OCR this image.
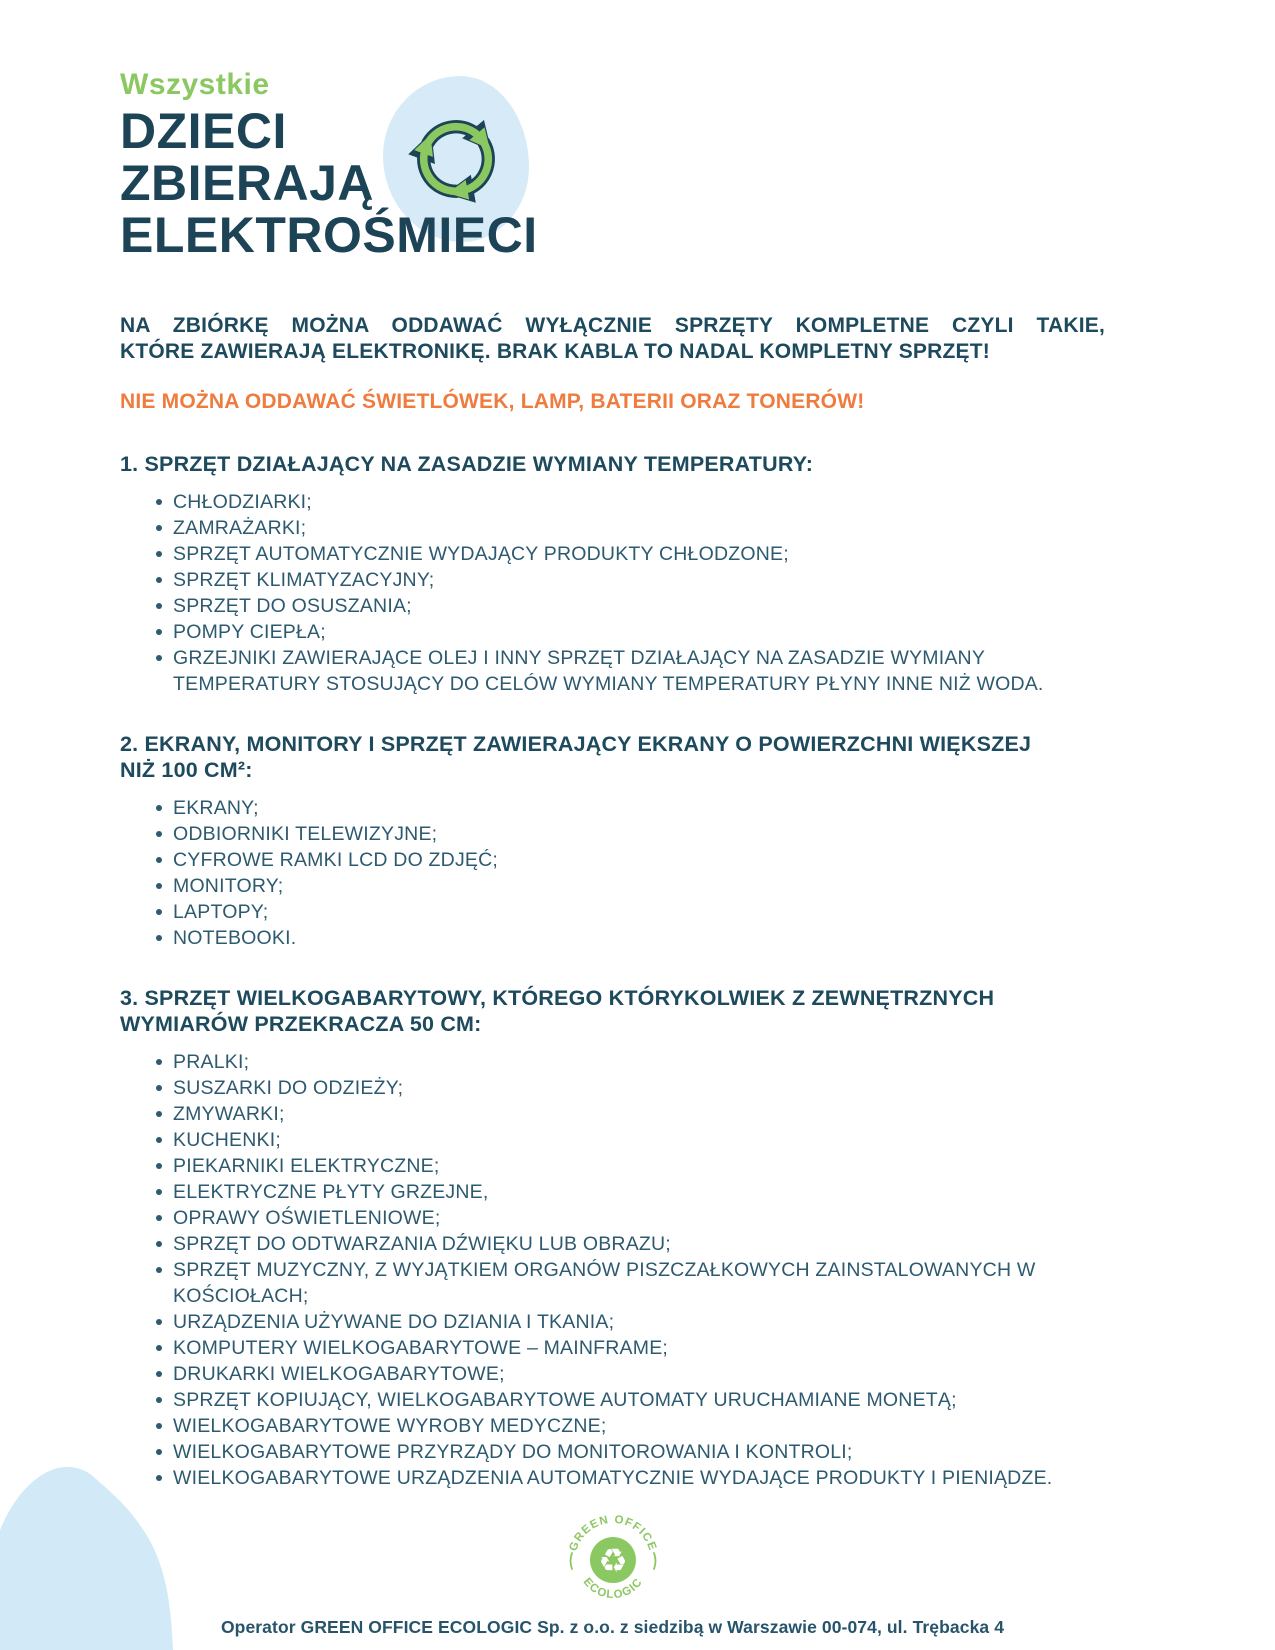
Wszystkie
DZIECI
ZBIERAJĄ
ELEKTROŚMIECI
NA ZBIÓRKĘ MOŻNA ODDAWAĆ WYŁĄCZNIE SPRZĘTY KOMPLETNE CZYLI TAKIE,
KTÓRE ZAWIERAJĄ ELEKTRONIKĘ. BRAK KABLA TO NADAL KOMPLETNY SPRZĘT!
NIE MOŻNA ODDAWAĆ ŚWIETLÓWEK, LAMP, BATERII ORAZ TONERÓW!
1. SPRZĘT DZIAŁAJĄCY NA ZASADZIE WYMIANY TEMPERATURY:
CHŁODZIARKI;
ZAMRAŻARKI;
SPRZĘT AUTOMATYCZNIE WYDAJĄCY PRODUKTY CHŁODZONE;
SPRZĘT KLIMATYZACYJNY;
SPRZĘT DO OSUSZANIA;
POMPY CIEPŁA;
GRZEJNIKI ZAWIERAJĄCE OLEJ I INNY SPRZĘT DZIAŁAJĄCY NA ZASADZIE WYMIANY TEMPERATURY STOSUJĄCY DO CELÓW WYMIANY TEMPERATURY PŁYNY INNE NIŻ WODA.
2. EKRANY, MONITORY I SPRZĘT ZAWIERAJĄCY EKRANY O POWIERZCHNI WIĘKSZEJ
NIŻ 100 CM²:
EKRANY;
ODBIORNIKI TELEWIZYJNE;
CYFROWE RAMKI LCD DO ZDJĘĆ;
MONITORY;
LAPTOPY;
NOTEBOOKI.
3. SPRZĘT WIELKOGABARYTOWY, KTÓREGO KTÓRYKOLWIEK Z ZEWNĘTRZNYCH
WYMIARÓW PRZEKRACZA 50 CM:
PRALKI;
SUSZARKI DO ODZIEŻY;
ZMYWARKI;
KUCHENKI;
PIEKARNIKI ELEKTRYCZNE;
ELEKTRYCZNE PŁYTY GRZEJNE,
OPRAWY OŚWIETLENIOWE;
SPRZĘT DO ODTWARZANIA DŹWIĘKU LUB OBRAZU;
SPRZĘT MUZYCZNY, Z WYJĄTKIEM ORGANÓW PISZCZAŁKOWYCH ZAINSTALOWANYCH W KOŚCIOŁACH;
URZĄDZENIA UŻYWANE DO DZIANIA I TKANIA;
KOMPUTERY WIELKOGABARYTOWE – MAINFRAME;
DRUKARKI WIELKOGABARYTOWE;
SPRZĘT KOPIUJĄCY, WIELKOGABARYTOWE AUTOMATY URUCHAMIANE MONETĄ;
WIELKOGABARYTOWE WYROBY MEDYCZNE;
WIELKOGABARYTOWE PRZYRZĄDY DO MONITOROWANIA I KONTROLI;
WIELKOGABARYTOWE URZĄDZENIA AUTOMATYCZNIE WYDAJĄCE PRODUKTY I PIENIĄDZE.
GREEN OFFICE
ECOLOGIC
♻
Operator GREEN OFFICE ECOLOGIC Sp. z o.o. z siedzibą w Warszawie 00-074, ul. Trębacka 4
